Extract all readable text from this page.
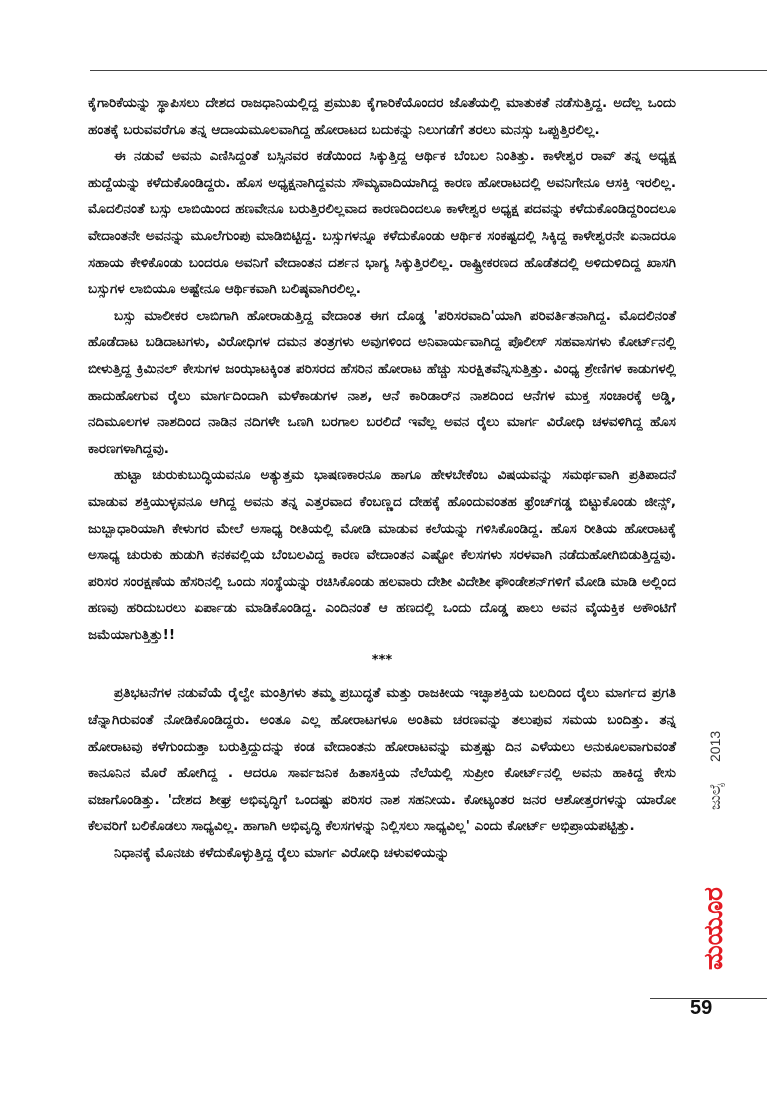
ಕೈಗಾರಿಕೆಯನ್ನು ಸ್ಥಾಪಿಸಲು ದೇಶದ ರಾಜಧಾನಿಯಲ್ಲಿದ್ದ ಪ್ರಮುಖ ಕೈಗಾರಿಕೆಯೊಂದರ ಜೊತೆಯಲ್ಲಿ ಮಾತುಕತೆ ನಡೆಸುತ್ತಿದ್ದ. ಅದೆಲ್ಲ ಒಂದು ಹಂತಕ್ಕೆ ಬರುವವರೆಗೂ ತನ್ನ ಆದಾಯಮೂಲವಾಗಿದ್ದ ಹೋರಾಟದ ಬದುಕನ್ನು ನಿಲುಗಡೆಗೆ ತರಲು ಮನಸ್ಸು ಒಪ್ಪುತ್ತಿರಲಿಲ್ಲ.

ಈ ನಡುವೆ ಅವನು ಎಣಿಸಿದ್ದಂತೆ ಬಸ್ಸಿನವರ ಕಡೆಯಿಂದ ಸಿಕ್ಕುತ್ತಿದ್ದ ಆರ್ಥಿಕ ಬೆಂಬಲ ನಿಂತಿತ್ತು. ಕಾಳೇಶ್ವರ ರಾವ್ ತನ್ನ ಅಧ್ಯಕ್ಷ ಹುದ್ದೆಯನ್ನು ಕಳೆದುಕೊಂಡಿದ್ದರು. ಹೊಸ ಅಧ್ಯಕ್ಷನಾಗಿದ್ದವನು ಸೌಮ್ಯವಾದಿಯಾಗಿದ್ದ ಕಾರಣ ಹೋರಾಟದಲ್ಲಿ ಅವನಿಗೇನೂ ಆಸಕ್ತಿ ಇರಲಿಲ್ಲ. ಮೊದಲಿನಂತೆ ಬಸ್ಸು ಲಾಬಿಯಿಂದ ಹಣವೇನೂ ಬರುತ್ತಿರಲಿಲ್ಲವಾದ ಕಾರಣದಿಂದಲೂ ಕಾಳೇಶ್ವರ ಅಧ್ಯಕ್ಷ ಪದವನ್ನು ಕಳೆದುಕೊಂಡಿದ್ದರಿಂದಲೂ ವೇದಾಂತನೇ ಅವನನ್ನು ಮೂಲೆಗುಂಪು ಮಾಡಿಬಿಟ್ಟಿದ್ದ. ಬಸ್ಸುಗಳನ್ನೂ ಕಳೆದುಕೊಂಡು ಆರ್ಥಿಕ ಸಂಕಷ್ಟದಲ್ಲಿ ಸಿಕ್ಕಿದ್ದ ಕಾಳೇಶ್ವರನೇ ಏನಾದರೂ ಸಹಾಯ ಕೇಳಿಕೊಂಡು ಬಂದರೂ ಅವನಿಗೆ ವೇದಾಂತನ ದರ್ಶನ ಭಾಗ್ಯ ಸಿಕ್ಕುತ್ತಿರಲಿಲ್ಲ. ರಾಷ್ಟ್ರೀಕರಣದ ಹೊಡೆತದಲ್ಲಿ ಅಳಿದುಳಿದಿದ್ದ ಖಾಸಗಿ ಬಸ್ಸುಗಳ ಲಾಬಿಯೂ ಅಷ್ಟೇನೂ ಆರ್ಥಿಕವಾಗಿ ಬಲಿಷ್ಠವಾಗಿರಲಿಲ್ಲ.

ಬಸ್ಸು ಮಾಲೀಕರ ಲಾಬಿಗಾಗಿ ಹೋರಾಡುತ್ತಿದ್ದ ವೇದಾಂತ ಈಗ ದೊಡ್ಡ 'ಪರಿಸರವಾದಿ'ಯಾಗಿ ಪರಿವರ್ತಿತನಾಗಿದ್ದ. ಮೊದಲಿನಂತೆ ಹೊಡೆದಾಟ ಬಡಿದಾಟಗಳು, ವಿರೋಧಿಗಳ ದಮನ ತಂತ್ರಗಳು ಅವುಗಳಿಂದ ಅನಿವಾರ್ಯವಾಗಿದ್ದ ಪೊಲೀಸ್ ಸಹವಾಸಗಳು ಕೋರ್ಟ್‌ನಲ್ಲಿ ಬೀಳುತ್ತಿದ್ದ ಕ್ರಿಮಿನಲ್ ಕೇಸುಗಳ ಜಂಝಾಟಕ್ಕಿಂತ ಪರಿಸರದ ಹೆಸರಿನ ಹೋರಾಟ ಹೆಚ್ಚು ಸುರಕ್ಷಿತವೆನ್ನಿಸುತ್ತಿತ್ತು. ವಿಂಧ್ಯ ಶ್ರೇಣಿಗಳ ಕಾಡುಗಳಲ್ಲಿ ಹಾದುಹೋಗುವ ರೈಲು ಮಾರ್ಗದಿಂದಾಗಿ ಮಳೆಕಾಡುಗಳ ನಾಶ, ಆನೆ ಕಾರಿಡಾರ್‌ನ ನಾಶದಿಂದ ಆನೆಗಳ ಮುಕ್ತ ಸಂಚಾರಕ್ಕೆ ಅಡ್ಡಿ, ನದಿಮೂಲಗಳ ನಾಶದಿಂದ ನಾಡಿನ ನದಿಗಳೇ ಒಣಗಿ ಬರಗಾಲ ಬರಲಿದೆ ಇವೆಲ್ಲ ಅವನ ರೈಲು ಮಾರ್ಗ ವಿರೋಧಿ ಚಳವಳಿಗಿದ್ದ ಹೊಸ ಕಾರಣಗಳಾಗಿದ್ದವು.

ಹುಟ್ಟಾ ಚುರುಕುಬುದ್ಧಿಯವನೂ ಅತ್ಯುತ್ತಮ ಭಾಷಣಕಾರನೂ ಹಾಗೂ ಹೇಳಬೇಕೆಂಬ ವಿಷಯವನ್ನು ಸಮರ್ಥವಾಗಿ ಪ್ರತಿಪಾದನೆ ಮಾಡುವ ಶಕ್ತಿಯುಳ್ಳವನೂ ಆಗಿದ್ದ ಅವನು ತನ್ನ ಎತ್ತರವಾದ ಕೆಂಬಣ್ಣದ ದೇಹಕ್ಕೆ ಹೊಂದುವಂತಹ ಫ್ರೆಂಚ್‌ಗಡ್ಡ ಬಿಟ್ಟುಕೊಂಡು ಜೀನ್ಸ್, ಜುಬ್ಬಾಧಾರಿಯಾಗಿ ಕೇಳುಗರ ಮೇಲೆ ಅಸಾಧ್ಯ ರೀತಿಯಲ್ಲಿ ಮೋಡಿ ಮಾಡುವ ಕಲೆಯನ್ನು ಗಳಿಸಿಕೊಂಡಿದ್ದ. ಹೊಸ ರೀತಿಯ ಹೋರಾಟಕ್ಕೆ ಅಸಾಧ್ಯ ಚುರುಕು ಹುಡುಗಿ ಕನಕವಲ್ಲಿಯ ಬೆಂಬಲವಿದ್ದ ಕಾರಣ ವೇದಾಂತನ ಎಷ್ಟೋ ಕೆಲಸಗಳು ಸರಳವಾಗಿ ನಡೆದುಹೋಗಿಬಿಡುತ್ತಿದ್ದವು. ಪರಿಸರ ಸಂರಕ್ಷಣೆಯ ಹೆಸರಿನಲ್ಲಿ ಒಂದು ಸಂಸ್ಥೆಯನ್ನು ರಚಿಸಿಕೊಂಡು ಹಲವಾರು ದೇಶೀ ವಿದೇಶೀ ಫೌಂಡೇಶನ್‌ಗಳಿಗೆ ಮೋಡಿ ಮಾಡಿ ಅಲ್ಲಿಂದ ಹಣವು ಹರಿದುಬರಲು ಏರ್ಪಾಡು ಮಾಡಿಕೊಂಡಿದ್ದ. ಎಂದಿನಂತೆ ಆ ಹಣದಲ್ಲಿ ಒಂದು ದೊಡ್ಡ ಪಾಲು ಅವನ ವೈಯಕ್ತಿಕ ಅಕೌಂಟಿಗೆ ಜಮೆಯಾಗುತ್ತಿತ್ತು!!

***

ಪ್ರತಿಭಟನೆಗಳ ನಡುವೆಯೆ ರೈಲ್ವೇ ಮಂತ್ರಿಗಳು ತಮ್ಮ ಪ್ರಬುದ್ಧತೆ ಮತ್ತು ರಾಜಕೀಯ ಇಚ್ಛಾಶಕ್ತಿಯ ಬಲದಿಂದ ರೈಲು ಮಾರ್ಗದ ಪ್ರಗತಿ ಚೆನ್ನಾಗಿರುವಂತೆ ನೋಡಿಕೊಂಡಿದ್ದರು. ಅಂತೂ ಎಲ್ಲ ಹೋರಾಟಗಳೂ ಅಂತಿಮ ಚರಣವನ್ನು ತಲುಪುವ ಸಮಯ ಬಂದಿತ್ತು. ತನ್ನ ಹೋರಾಟವು ಕಳೆಗುಂದುತ್ತಾ ಬರುತ್ತಿದ್ದುದನ್ನು ಕಂಡ ವೇದಾಂತನು ಹೋರಾಟವನ್ನು ಮತ್ತಷ್ಟು ದಿನ ಎಳೆಯಲು ಅನುಕೂಲವಾಗುವಂತೆ ಕಾನೂನಿನ ಮೊರೆ ಹೋಗಿದ್ದ . ಆದರೂ ಸಾರ್ವಜನಿಕ ಹಿತಾಸಕ್ತಿಯ ನೆಲೆಯಲ್ಲಿ ಸುಪ್ರೀಂ ಕೋರ್ಟ್‌ನಲ್ಲಿ ಅವನು ಹಾಕಿದ್ದ ಕೇಸು ವಜಾಗೊಂಡಿತ್ತು. 'ದೇಶದ ಶೀಘ್ರ ಅಭಿವೃದ್ಧಿಗೆ ಒಂದಷ್ಟು ಪರಿಸರ ನಾಶ ಸಹನೀಯ. ಕೋಟ್ಯಂತರ ಜನರ ಆಶೋತ್ತರಗಳನ್ನು ಯಾರೋ ಕೆಲವರಿಗೆ ಬಲಿಕೊಡಲು ಸಾಧ್ಯವಿಲ್ಲ. ಹಾಗಾಗಿ ಅಭಿವೃದ್ಧಿ ಕೆಲಸಗಳನ್ನು ನಿಲ್ಲಿಸಲು ಸಾಧ್ಯವಿಲ್ಲ' ಎಂದು ಕೋರ್ಟ್ ಅಭಿಪ್ರಾಯಪಟ್ಟಿತ್ತು.

ನಿಧಾನಕ್ಕೆ ಮೊನಚು ಕಳೆದುಕೊಳ್ಳುತ್ತಿದ್ದ ರೈಲು ಮಾರ್ಗ ವಿರೋಧಿ ಚಳುವಳಿಯನ್ನು

ಮಯೂರ
ಜುಲೈ
2013
59
